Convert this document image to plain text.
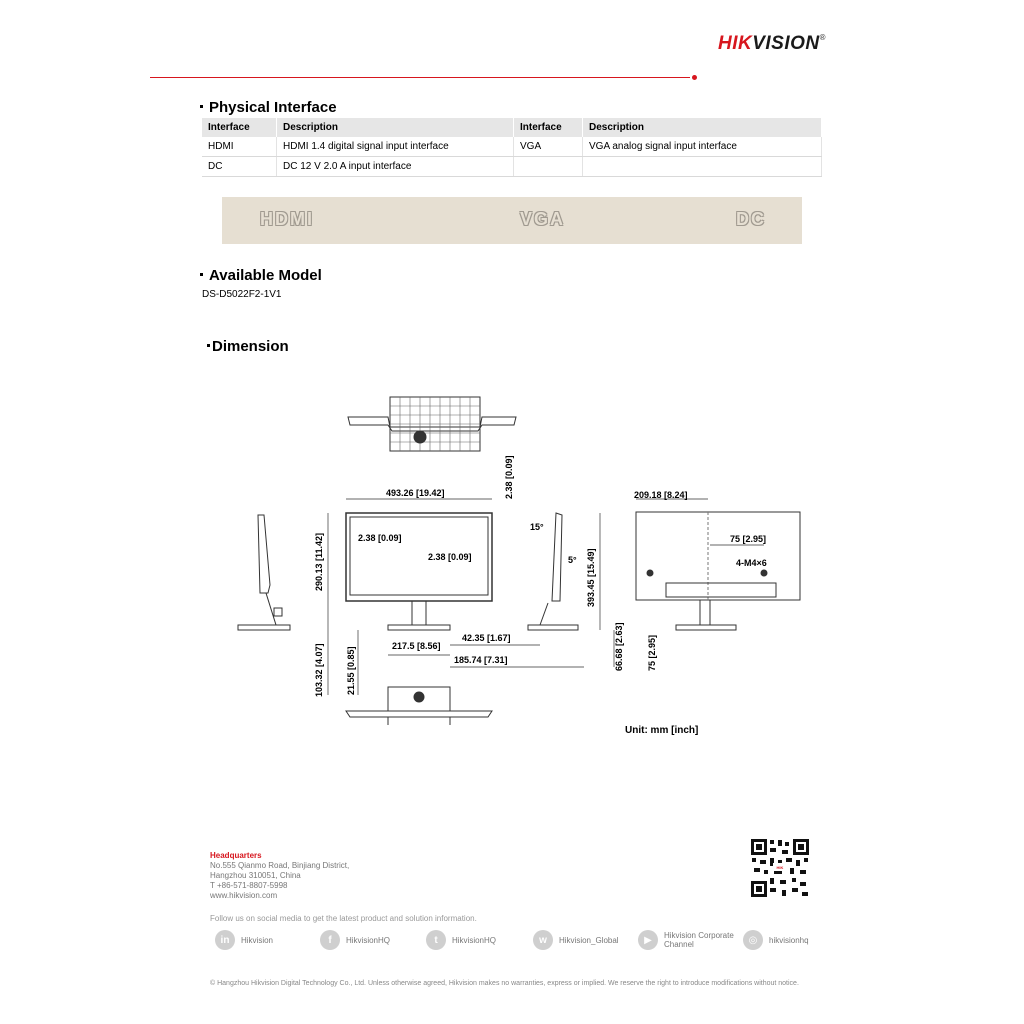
HIKVISION®
Physical Interface
Interface	Description	Interface	Description
HDMI	HDMI 1.4 digital signal input interface	VGA	VGA analog signal input interface
DC	DC 12 V 2.0 A input interface		
HDMI	VGA	DC
Available Model
DS-D5022F2-1V1
Dimension
493.26 [19.42]
2.38 [0.09]
2.38 [0.09]
2.38 [0.09]
290.13 [11.42]
103.32 [4.07] 21.55 [0.85]
217.5 [8.56]
42.35 [1.67]
185.74 [7.31]
15°
5° 393.45 [15.49]
66.68 [2.63]	75 [2.95]
209.18 [8.24]
75 [2.95]
4-M4×6
Unit: mm [inch]
Headquarters
No.555 Qianmo Road, Binjiang District,
Hangzhou 310051, China
T +86-571-8807-5998
www.hikvision.com
HIK
Follow us on social media to get the latest product and solution information.
in	Hikvision	f	HikvisionHQ	t	HikvisionHQ	w	Hikvision_Global	▶	Hikvision Corporate Channel	◎	hikvisionhq
© Hangzhou Hikvision Digital Technology Co., Ltd. Unless otherwise agreed, Hikvision makes no warranties, express or implied. We reserve the right to introduce modifications without notice.
